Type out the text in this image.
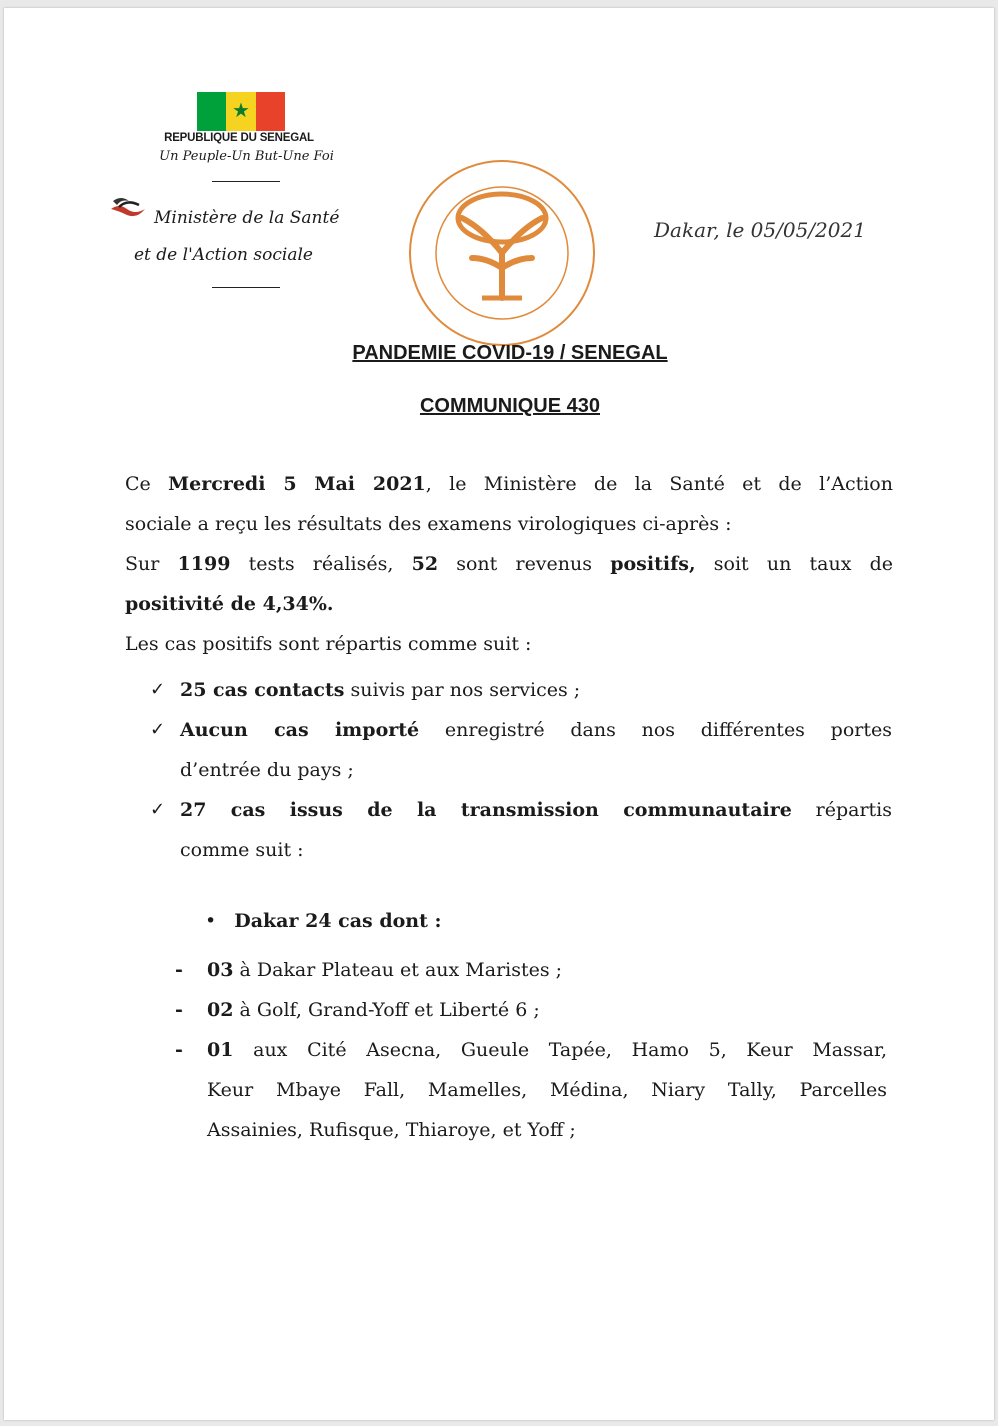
★
REPUBLIQUE DU SENEGAL
Un Peuple-Un But-Une Foi
Ministère de la Santé
et de l'Action sociale
Dakar, le 05/05/2021
PANDEMIE COVID-19 / SENEGAL
COMMUNIQUE 430
Ce Mercredi 5 Mai 2021, le Ministère de la Santé et de l’Action
sociale a reçu les résultats des examens virologiques ci-après :
Sur 1199 tests réalisés, 52 sont revenus positifs, soit un taux de
positivité de 4,34%.
Les cas positifs sont répartis comme suit :
✓ 25 cas contacts suivis par nos services ;
✓ Aucun cas importé enregistré dans nos différentes portes
d’entrée du pays ;
✓ 27 cas issus de la transmission communautaire répartis
comme suit :
• Dakar 24 cas dont :
-	03 à Dakar Plateau et aux Maristes ;
-	02 à Golf, Grand-Yoff et Liberté 6 ;
-	01 aux Cité Asecna, Gueule Tapée, Hamo 5, Keur Massar,
Keur Mbaye Fall, Mamelles, Médina, Niary Tally, Parcelles
Assainies, Rufisque, Thiaroye, et Yoff ;
